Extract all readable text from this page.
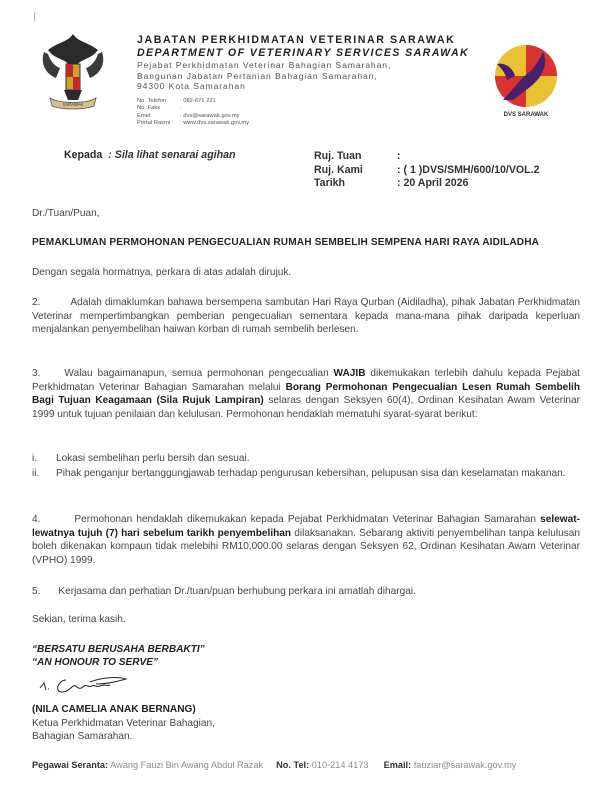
⌠
SARAWAK
JABATAN PERKHIDMATAN VETERINAR SARAWAK
DEPARTMENT OF VETERINARY SERVICES SARAWAK
Pejabat Perkhidmatan Veterinar Bahagian Samarahan,
Bangunan Jabatan Pertanian Bahagian Samarahan,
94300 Kota Samarahan
No. Telefon : 082-671 221
No. Faks	:
Emel	: dvs@sarawak.gov.my
Portal Rasmi : www.dvs.sarawak.gov.my
DVS SARAWAK
Kepada : Sila lihat senarai agihan	Ruj. Tuan	:
Ruj. Kami	: ( 1 )DVS/SMH/600/10/VOL.2
Tarikh	: 20 April 2026
Dr./Tuan/Puan,
PEMAKLUMAN PERMOHONAN PENGECUALIAN RUMAH SEMBELIH SEMPENA HARI RAYA AIDILADHA
Dengan segala hormatnya, perkara di atas adalah dirujuk.
2.	Adalah dimaklumkan bahawa bersempena sambutan Hari Raya Qurban (Aidiladha), pihak Jabatan Perkhidmatan Veterinar mempertimbangkan pemberian pengecualian sementara kepada mana-mana pihak daripada keperluan menjalankan penyembelihan haiwan korban di rumah sembelih berlesen.
3. Walau bagaimanapun, semua permohonan pengecualian WAJIB dikemukakan terlebih dahulu kepada Pejabat Perkhidmatan Veterinar Bahagian Samarahan melalui Borang Permohonan Pengecualian Lesen Rumah Sembelih Bagi Tujuan Keagamaan (Sila Rujuk Lampiran) selaras dengan Seksyen 60(4), Ordinan Kesihatan Awam Veterinar 1999 untuk tujuan penilaian dan kelulusan. Permohonan hendaklah mematuhi syarat-syarat berikut:
i. Lokasi sembelihan perlu bersih dan sesuai.
ii. Pihak penganjur bertanggungjawab terhadap pengurusan kebersihan, pelupusan sisa dan keselamatan makanan.
4.	Permohonan hendaklah dikemukakan kepada Pejabat Perkhidmatan Veterinar Bahagian Samarahan selewat-lewatnya tujuh (7) hari sebelum tarikh penyembelihan dilaksanakan. Sebarang aktiviti penyembelihan tanpa kelulusan boleh dikenakan kompaun tidak melebihi RM10,000.00 selaras dengan Seksyen 62, Ordinan Kesihatan Awam Veterinar (VPHO) 1999.
5. Kerjasama dan perhatian Dr./tuan/puan berhubung perkara ini amatlah dihargai.
Sekian, terima kasih.
“BERSATU BERUSAHA BERBAKTI”
“AN HONOUR TO SERVE”
(NILA CAMELIA ANAK BERNANG)
Ketua Perkhidmatan Veterinar Bahagian,
Bahagian Samarahan.
Pegawai Seranta: Awang Fauzi Bin Awang Abdul Razak No. Tel: 010-214 4173 Email: fauziar@sarawak.gov.my
